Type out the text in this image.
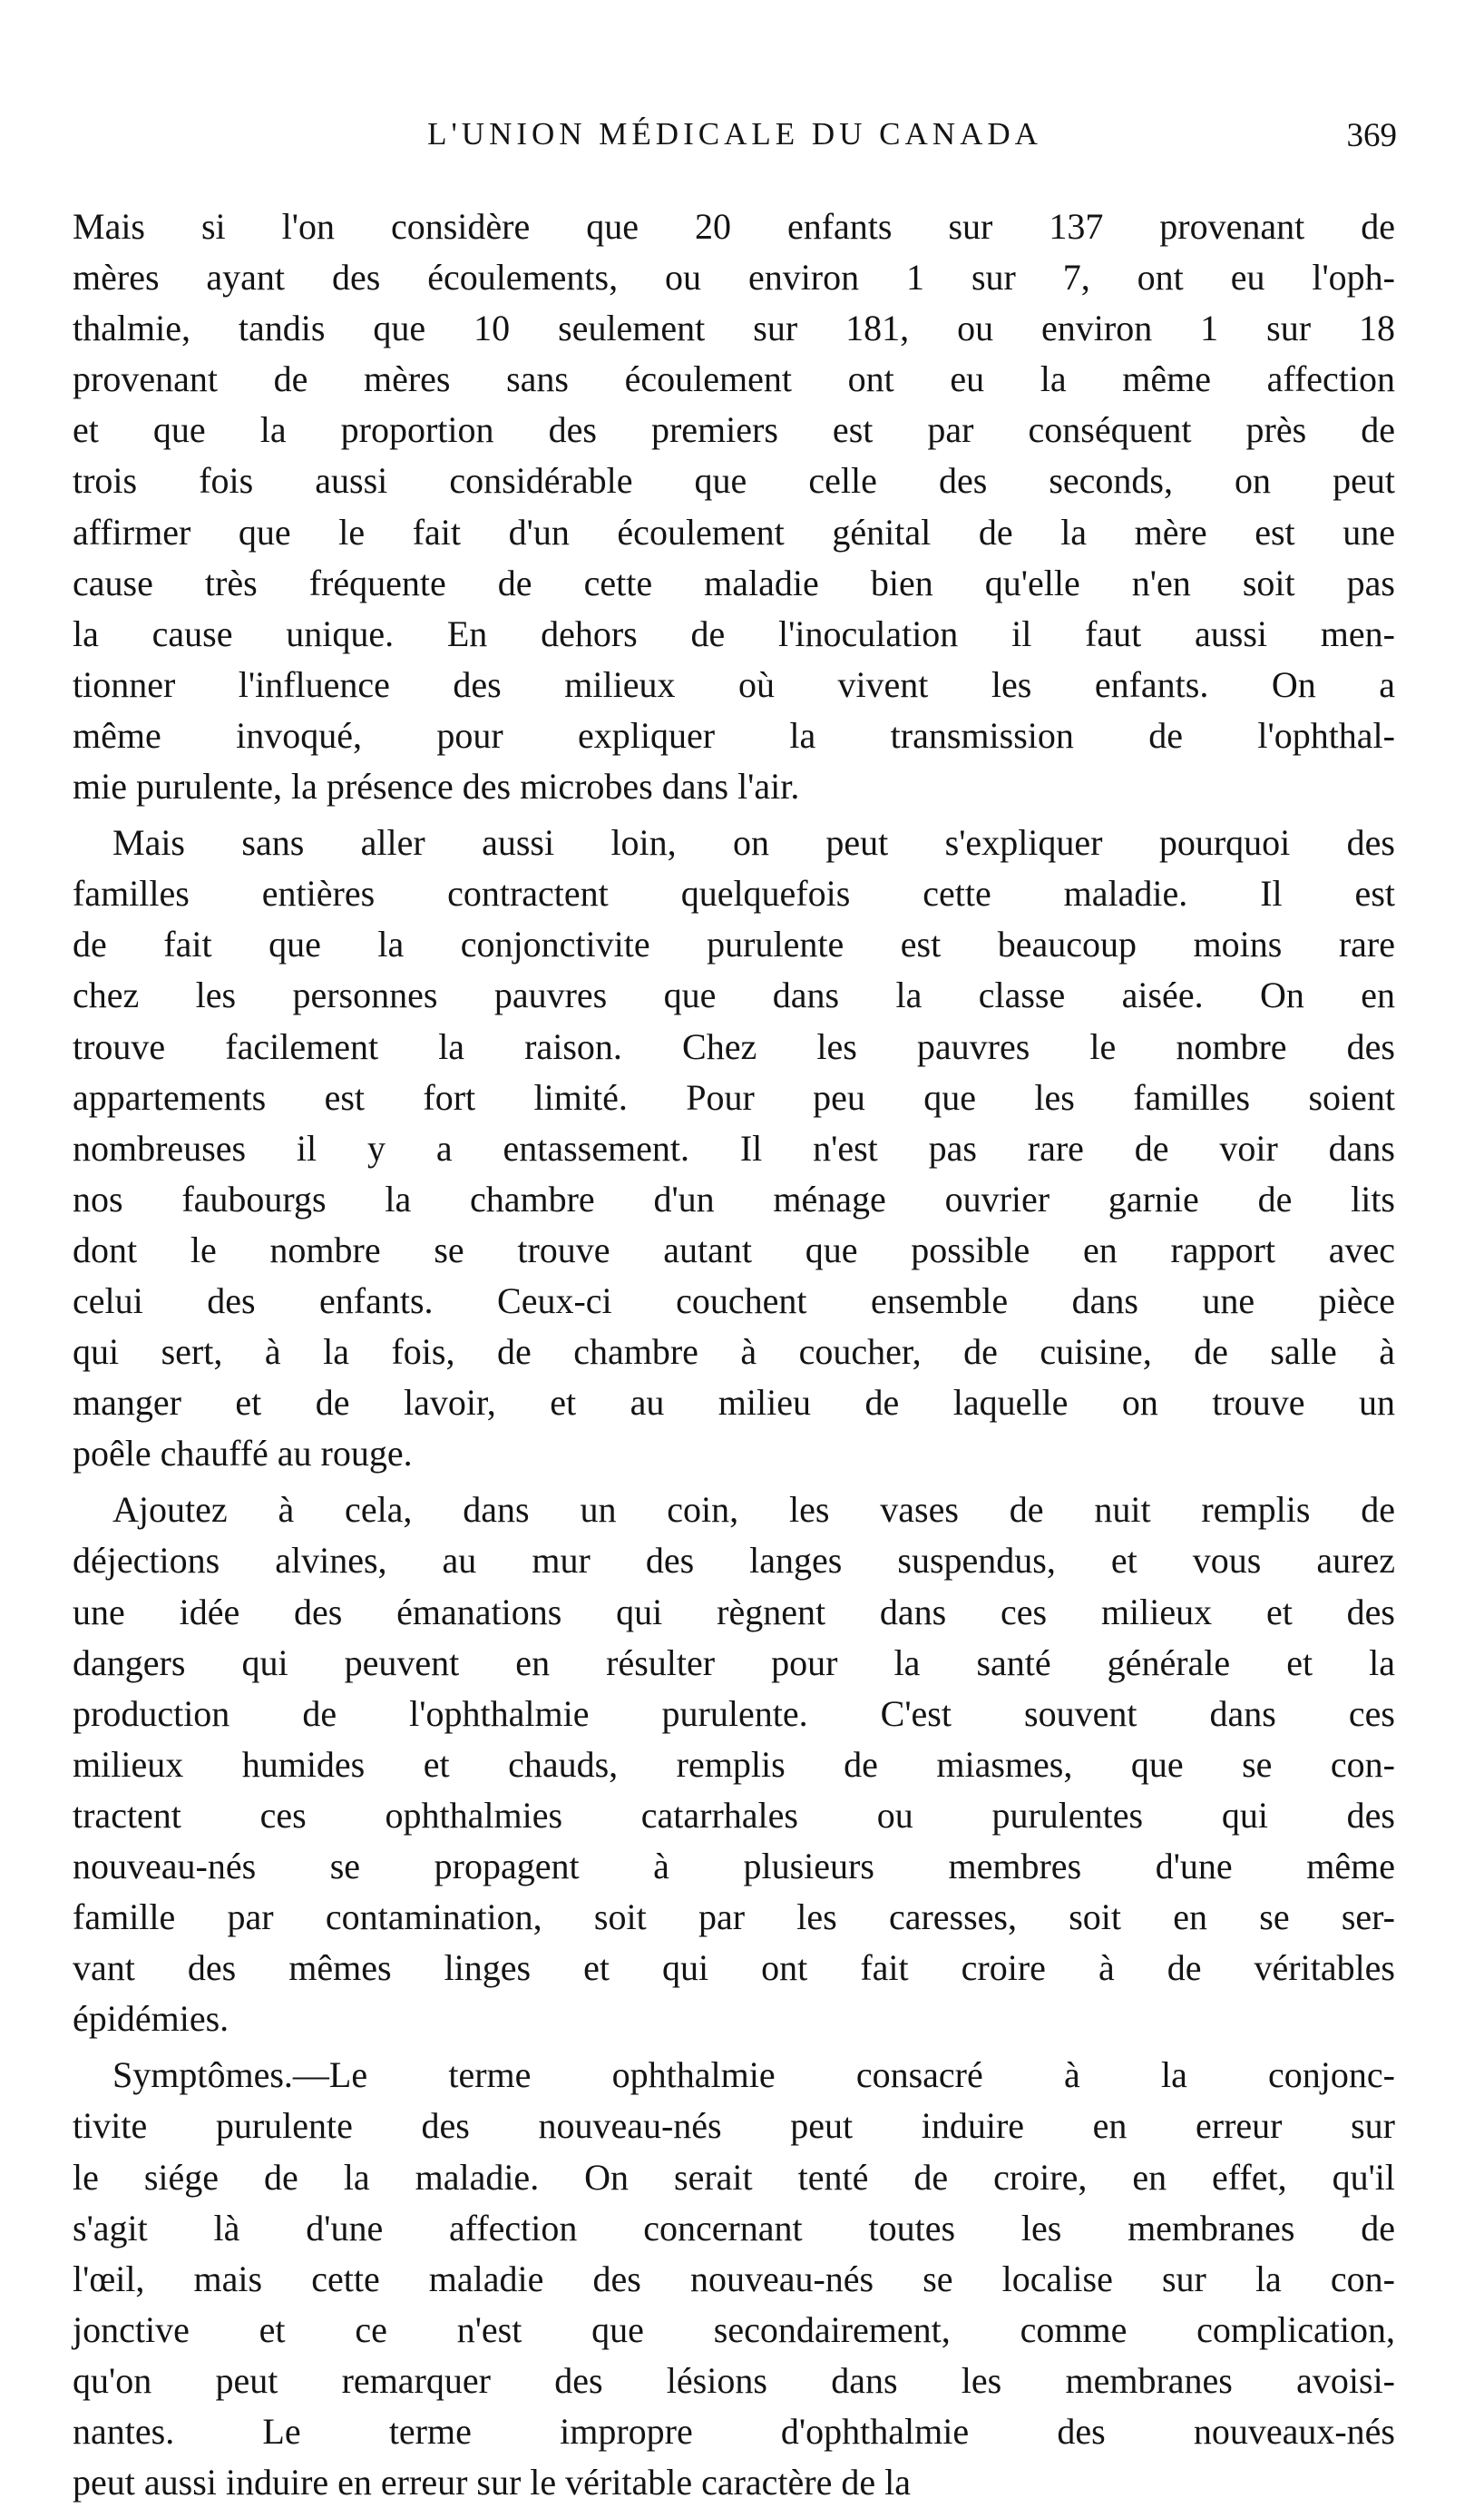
L'UNION MÉDICALE DU CANADA	369
Mais si l'on considère que 20 enfants sur 137 provenant de
mères ayant des écoulements, ou environ 1 sur 7, ont eu l'oph-
thalmie, tandis que 10 seulement sur 181, ou environ 1 sur 18
provenant de mères sans écoulement ont eu la même affection
et que la proportion des premiers est par conséquent près de
trois fois aussi considérable que celle des seconds, on peut
affirmer que le fait d'un écoulement génital de la mère est une
cause très fréquente de cette maladie bien qu'elle n'en soit pas
la cause unique. En dehors de l'inoculation il faut aussi men-
tionner l'influence des milieux où vivent les enfants. On a
même invoqué, pour expliquer la transmission de l'ophthal-
mie purulente, la présence des microbes dans l'air.
Mais sans aller aussi loin, on peut s'expliquer pourquoi des
familles entières contractent quelquefois cette maladie. Il est
de fait que la conjonctivite purulente est beaucoup moins rare
chez les personnes pauvres que dans la classe aisée. On en
trouve facilement la raison. Chez les pauvres le nombre des
appartements est fort limité. Pour peu que les familles soient
nombreuses il y a entassement. Il n'est pas rare de voir dans
nos faubourgs la chambre d'un ménage ouvrier garnie de lits
dont le nombre se trouve autant que possible en rapport avec
celui des enfants. Ceux-ci couchent ensemble dans une pièce
qui sert, à la fois, de chambre à coucher, de cuisine, de salle à
manger et de lavoir, et au milieu de laquelle on trouve un
poêle chauffé au rouge.
Ajoutez à cela, dans un coin, les vases de nuit remplis de
déjections alvines, au mur des langes suspendus, et vous aurez
une idée des émanations qui règnent dans ces milieux et des
dangers qui peuvent en résulter pour la santé générale et la
production de l'ophthalmie purulente. C'est souvent dans ces
milieux humides et chauds, remplis de miasmes, que se con-
tractent ces ophthalmies catarrhales ou purulentes qui des
nouveau-nés se propagent à plusieurs membres d'une même
famille par contamination, soit par les caresses, soit en se ser-
vant des mêmes linges et qui ont fait croire à de véritables
épidémies.
Symptômes.—Le terme ophthalmie consacré à la conjonc-
tivite purulente des nouveau-nés peut induire en erreur sur
le siége de la maladie. On serait tenté de croire, en effet, qu'il
s'agit là d'une affection concernant toutes les membranes de
l'œil, mais cette maladie des nouveau-nés se localise sur la con-
jonctive et ce n'est que secondairement, comme complication,
qu'on peut remarquer des lésions dans les membranes avoisi-
nantes. Le terme impropre d'ophthalmie des nouveaux-nés
peut aussi induire en erreur sur le véritable caractère de la
